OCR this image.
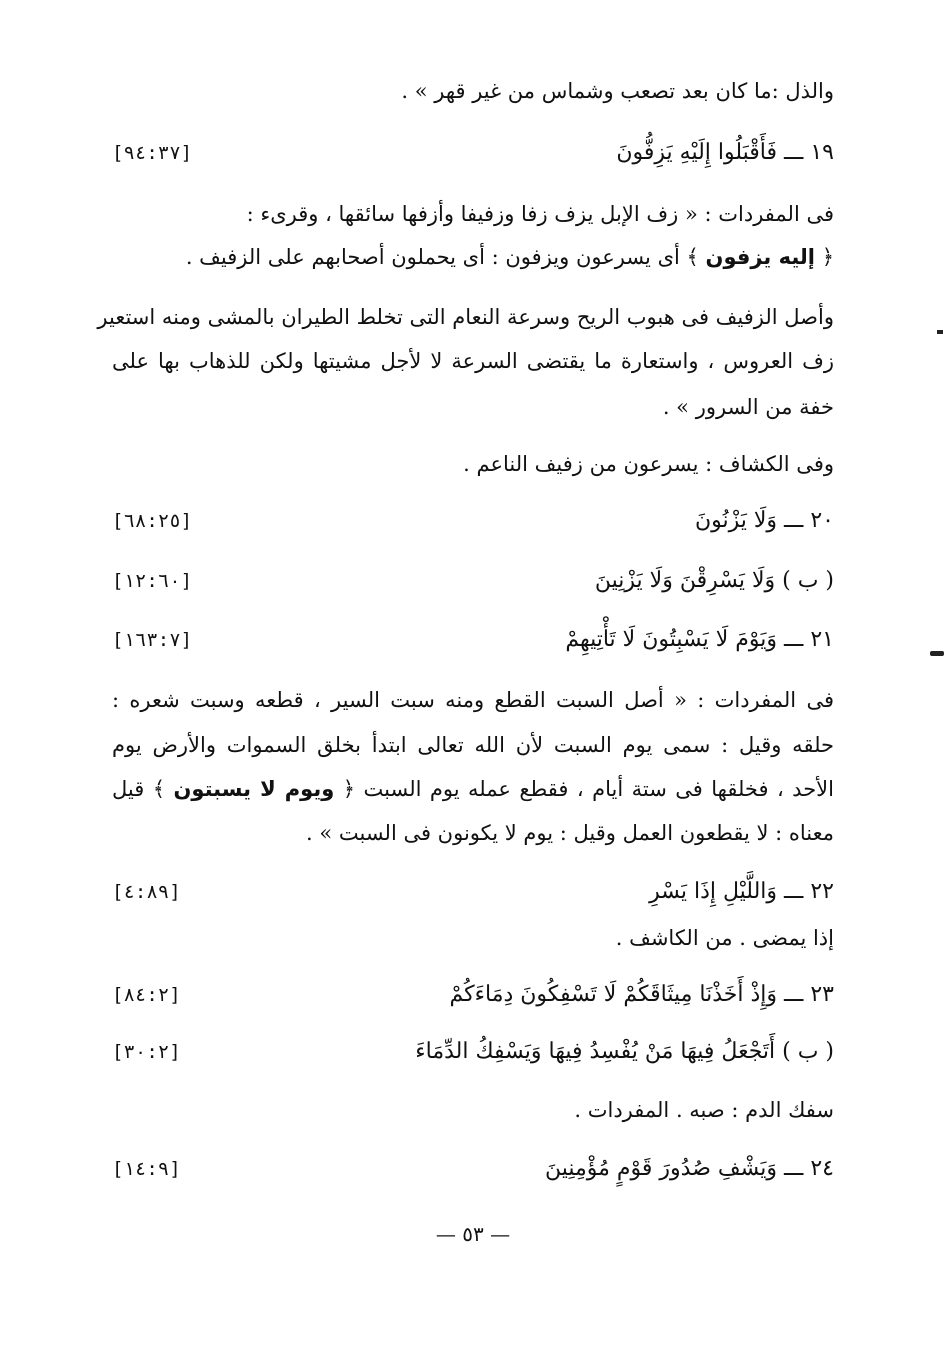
والذل :ما كان بعد تصعب وشماس من غير قهر » .
١٩ ـــ فَأَقْبَلُوا إِلَيْهِ يَزِفُّونَ
[٩٤:٣٧]
فى المفردات : « زف الإبل يزف زفا وزفيفا وأزفها سائقها ، وقرىء :
﴿ إليه يزفون ﴾ أى يسرعون ويزفون : أى يحملون أصحابهم على الزفيف .
وأصل الزفيف فى هبوب الريح وسرعة النعام التى تخلط الطيران بالمشى ومنه استعير
زف العروس ، واستعارة ما يقتضى السرعة لا لأجل مشيتها ولكن للذهاب بها على
خفة من السرور » .
وفى الكشاف : يسرعون من زفيف الناعم .
٢٠ ـــ وَلَا يَزْنُونَ
[٦٨:٢٥]
( ب ) وَلَا يَسْرِقْنَ وَلَا يَزْنِينَ
[١٢:٦٠]
٢١ ـــ وَيَوْمَ لَا يَسْبِتُونَ لَا تَأْتِيهِمْ
[١٦٣:٧]
فى المفردات : « أصل السبت القطع ومنه سبت السير ، قطعه وسبت شعره :
حلقه وقيل : سمى يوم السبت لأن الله تعالى ابتدأ بخلق السموات والأرض يوم
الأحد ، فخلقها فى ستة أيام ، فقطع عمله يوم السبت ﴿ ويوم لا يسبتون ﴾ قيل
معناه : لا يقطعون العمل وقيل : يوم لا يكونون فى السبت » .
٢٢ ـــ وَاللَّيْلِ إِذَا يَسْرِ
[٤:٨٩]
إذا يمضى . من الكاشف .
٢٣ ـــ وَإِذْ أَخَذْنَا مِيثَاقَكُمْ لَا تَسْفِكُونَ دِمَاءَكُمْ
[٨٤:٢]
( ب ) أَتَجْعَلُ فِيهَا مَنْ يُفْسِدُ فِيهَا وَيَسْفِكُ الدِّمَاءَ
[٣٠:٢]
سفك الدم : صبه . المفردات .
٢٤ ـــ وَيَشْفِ صُدُورَ قَوْمٍ مُؤْمِنِينَ
[١٤:٩]
— ٥٣ —
